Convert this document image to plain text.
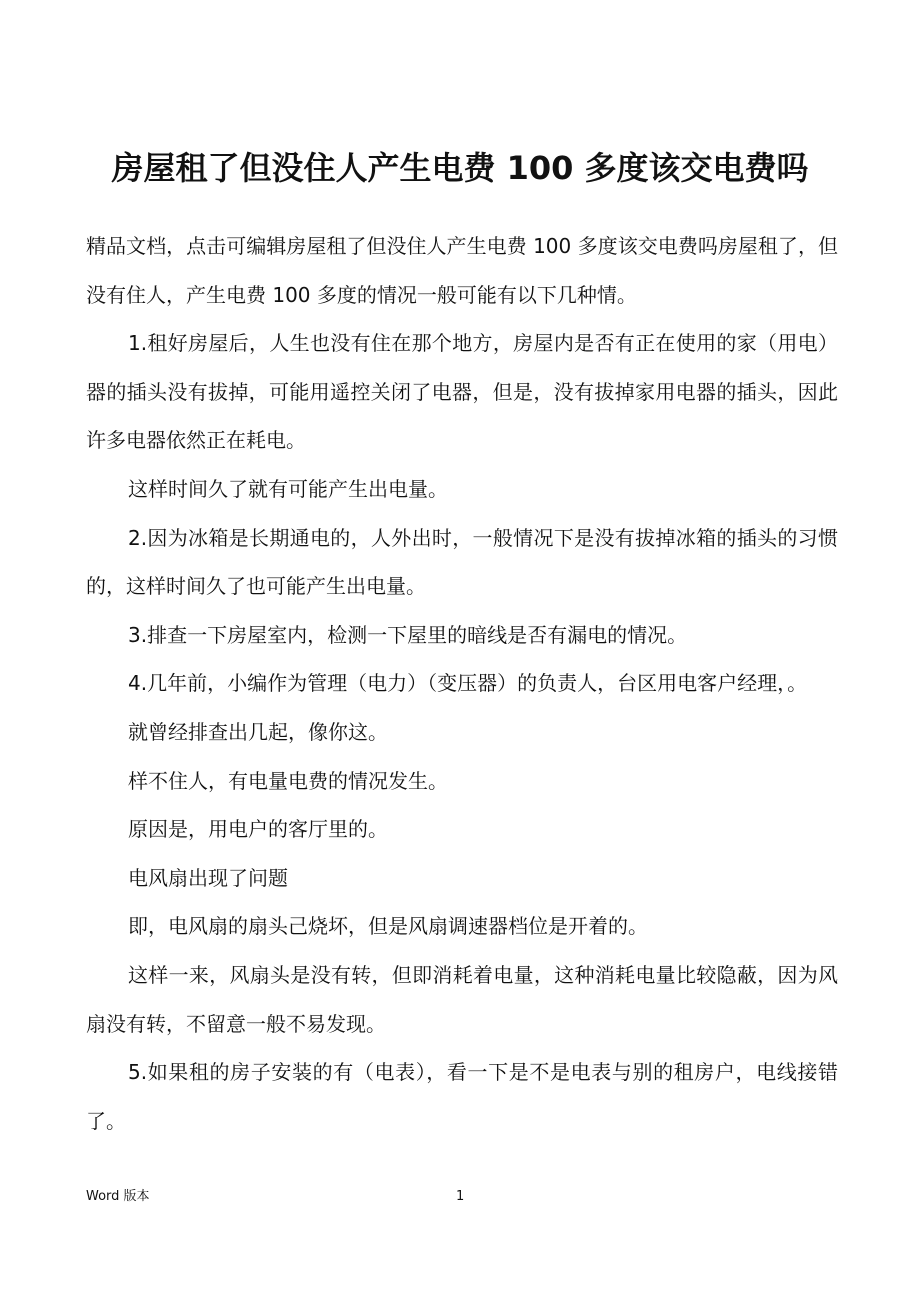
房屋租了但没住人产生电费 100 多度该交电费吗

精品文档，点击可编辑房屋租了但没住人产生电费 100 多度该交电费吗房屋租了，但没有住人，产生电费 100 多度的情况一般可能有以下几种情。

1.租好房屋后，人生也没有住在那个地方，房屋内是否有正在使用的家（用电）器的插头没有拔掉，可能用遥控关闭了电器，但是，没有拔掉家用电器的插头，因此许多电器依然正在耗电。

这样时间久了就有可能产生出电量。

2.因为冰箱是长期通电的，人外出时，一般情况下是没有拔掉冰箱的插头的习惯的，这样时间久了也可能产生出电量。

3.排查一下房屋室内，检测一下屋里的暗线是否有漏电的情况。

4.几年前，小编作为管理（电力）（变压器）的负责人，台区用电客户经理，。

就曾经排查出几起，像你这。

样不住人，有电量电费的情况发生。

原因是，用电户的客厅里的。

电风扇出现了问题

即，电风扇的扇头己烧坏，但是风扇调速器档位是开着的。

这样一来，风扇头是没有转，但即消耗着电量，这种消耗电量比较隐蔽，因为风扇没有转，不留意一般不易发现。

5.如果租的房子安装的有（电表），看一下是不是电表与别的租房户，电线接错了。

Word 版本	1
